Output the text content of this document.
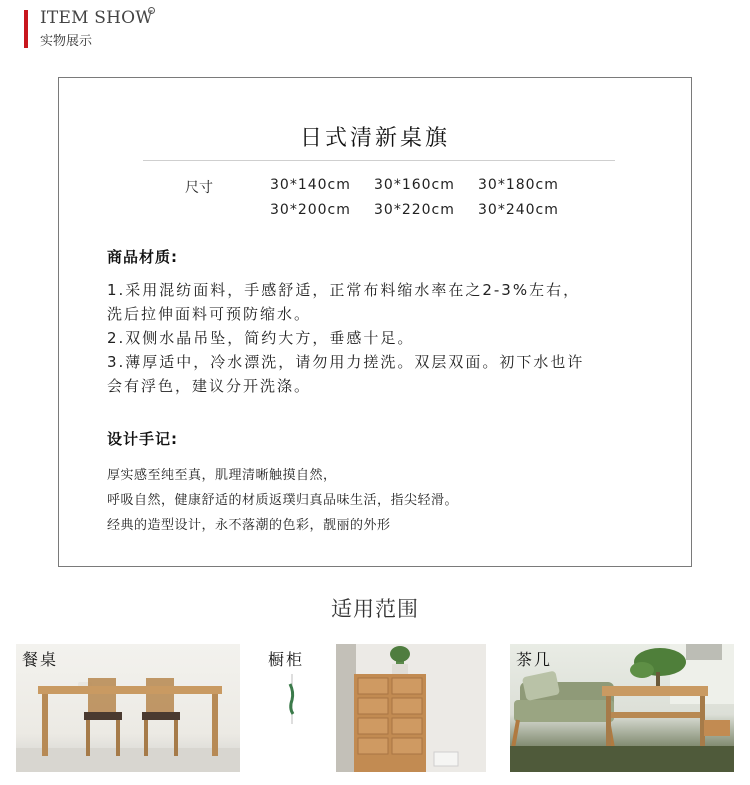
ITEM SHOW
实物展示
日式清新桌旗
尺寸	30*140cm 30*160cm 30*180cm
30*200cm 30*220cm 30*240cm
商品材质:
1.采用混纺面料，手感舒适，正常布料缩水率在之2-3%左右，
洗后拉伸面料可预防缩水。
2.双侧水晶吊坠，简约大方，垂感十足。
3.薄厚适中，冷水漂洗，请勿用力搓洗。双层双面。初下水也许
会有浮色，建议分开洗涤。
设计手记:
厚实感至纯至真，肌理清晰触摸自然，
呼吸自然，健康舒适的材质返璞归真品味生活，指尖轻滑。
经典的造型设计，永不落潮的色彩，靓丽的外形
适用范围
餐桌	橱柜	茶几
